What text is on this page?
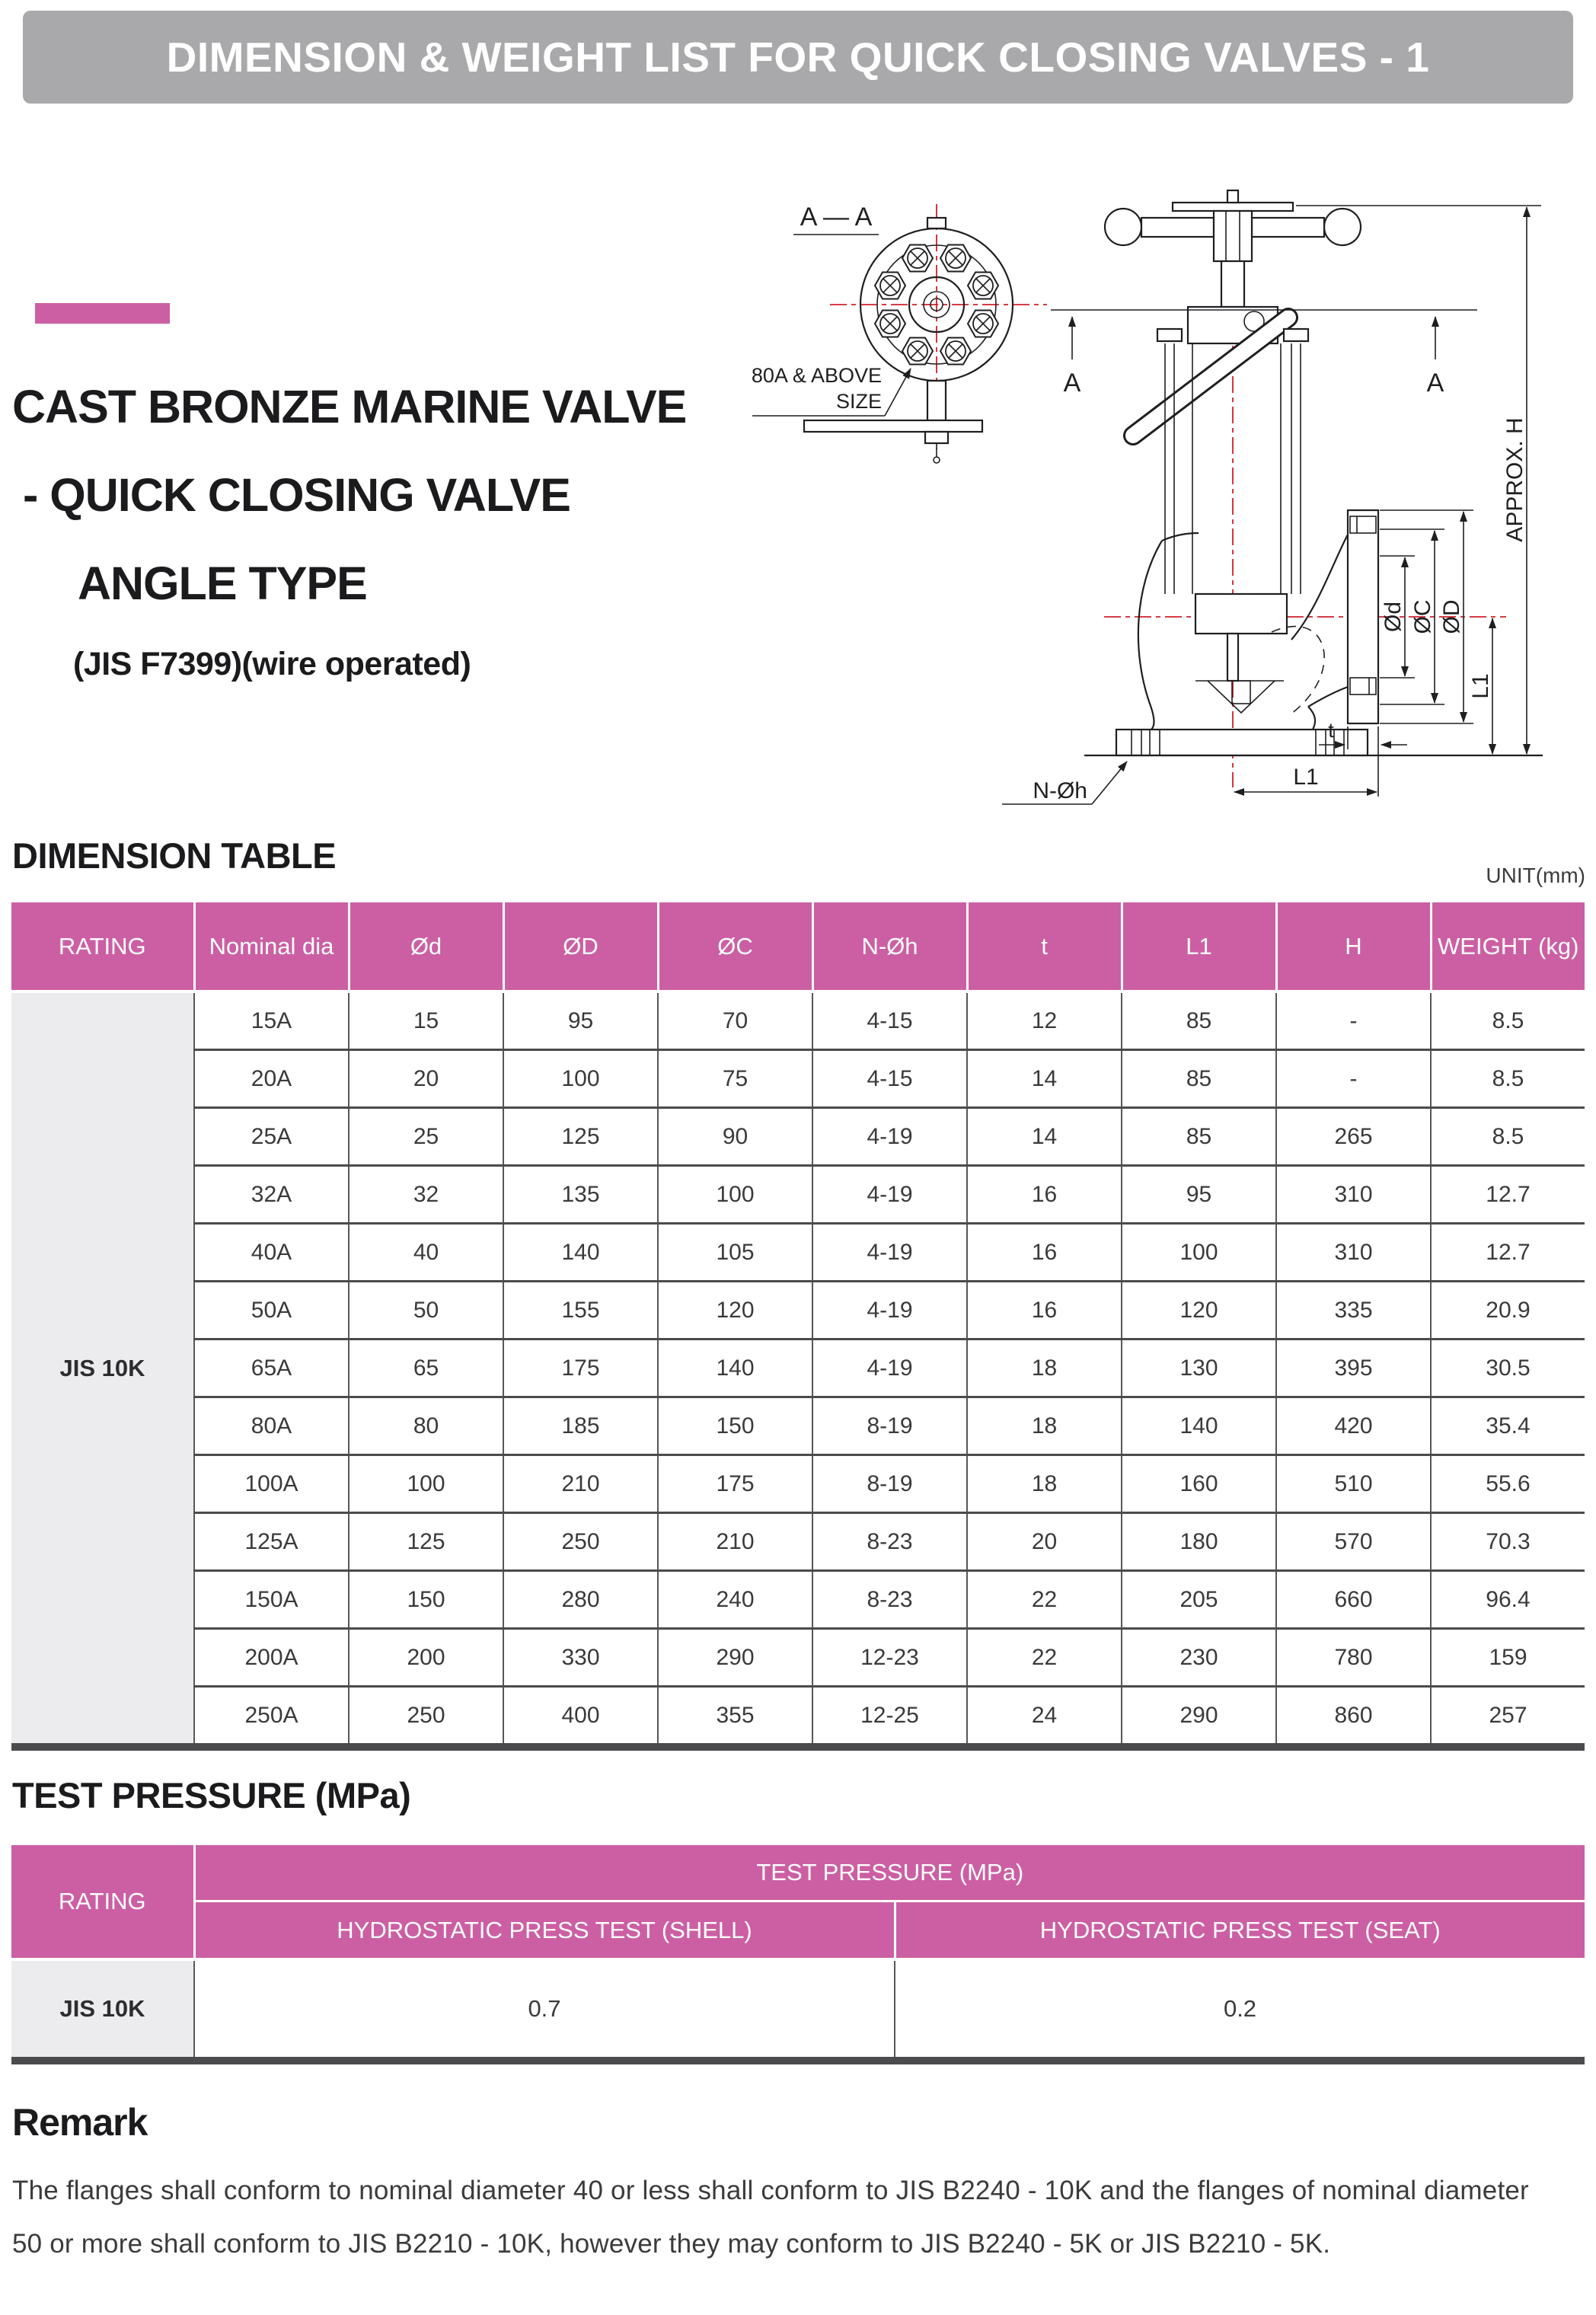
DIMENSION & WEIGHT LIST FOR QUICK CLOSING VALVES - 1
CAST BRONZE MARINE VALVE
- QUICK CLOSING VALVE
ANGLE TYPE
(JIS F7399)(wire operated)
A — A
80A & ABOVE
SIZE
A	A
Ød ØC ØD
L1
APPROX. H
t
L1
N-Øh
DIMENSION TABLE	UNIT(mm)
RATING	Nominal dia	Ød	ØD	ØC	N-Øh	t	L1	H	WEIGHT (kg)
JIS 10K	15A	15	95	70	4-15	12	85	-	8.5
	20A	20	100	75	4-15	14	85	-	8.5
	25A	25	125	90	4-19	14	85	265	8.5
	32A	32	135	100	4-19	16	95	310	12.7
	40A	40	140	105	4-19	16	100	310	12.7
	50A	50	155	120	4-19	16	120	335	20.9
	65A	65	175	140	4-19	18	130	395	30.5
	80A	80	185	150	8-19	18	140	420	35.4
	100A	100	210	175	8-19	18	160	510	55.6
	125A	125	250	210	8-23	20	180	570	70.3
	150A	150	280	240	8-23	22	205	660	96.4
	200A	200	330	290	12-23	22	230	780	159
	250A	250	400	355	12-25	24	290	860	257
TEST PRESSURE (MPa)
RATING	TEST PRESSURE (MPa)	
	HYDROSTATIC PRESS TEST (SHELL)	HYDROSTATIC PRESS TEST (SEAT)
JIS 10K	0.7	0.2
Remark

The flanges shall conform to nominal diameter 40 or less shall conform to JIS B2240 - 10K and the flanges of nominal diameter 50 or more shall conform to JIS B2210 - 10K, however they may conform to JIS B2240 - 5K or JIS B2210 - 5K.
